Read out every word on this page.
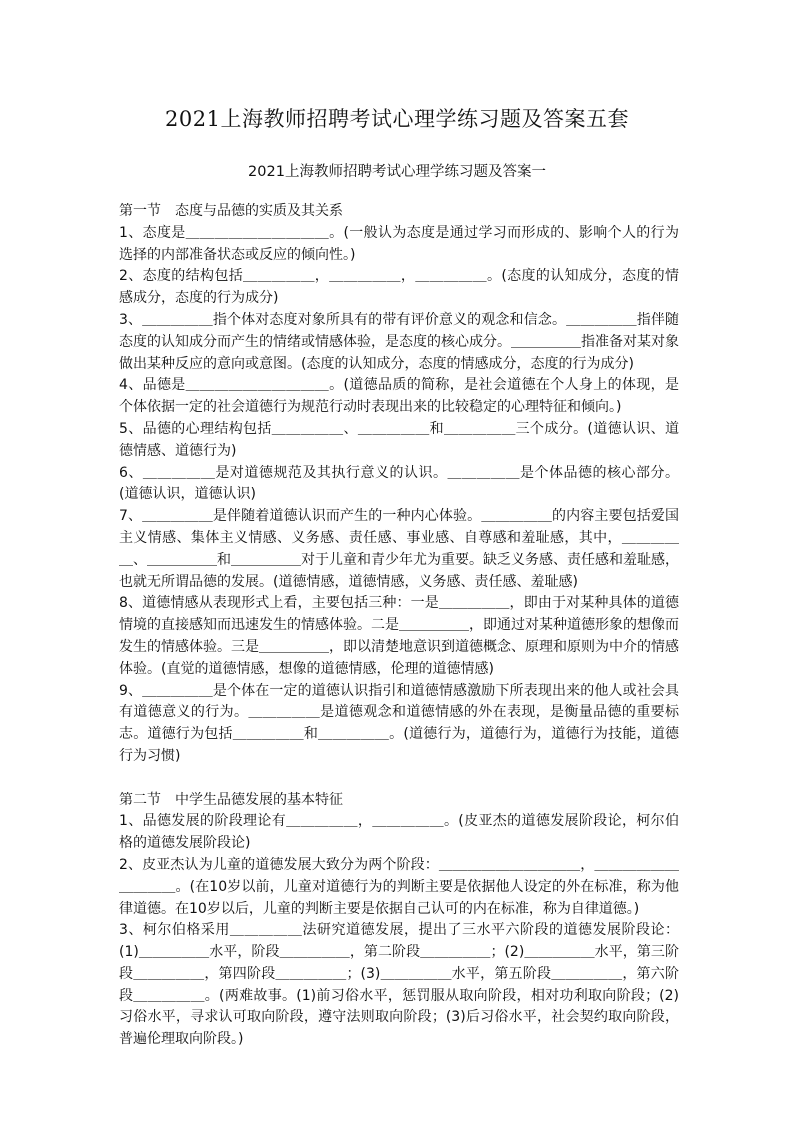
2021上海教师招聘考试心理学练习题及答案五套
2021上海教师招聘考试心理学练习题及答案一

第一节　态度与品德的实质及其关系

1、态度是＿＿＿＿＿＿＿＿＿＿。(一般认为态度是通过学习而形成的、影响个人的行为选择的内部准备状态或反应的倾向性。)

2、态度的结构包括＿＿＿＿＿，＿＿＿＿＿，＿＿＿＿＿。(态度的认知成分，态度的情感成分，态度的行为成分)

3、＿＿＿＿＿指个体对态度对象所具有的带有评价意义的观念和信念。＿＿＿＿＿指伴随态度的认知成分而产生的情绪或情感体验，是态度的核心成分。＿＿＿＿＿指准备对某对象做出某种反应的意向或意图。(态度的认知成分，态度的情感成分，态度的行为成分)

4、品德是＿＿＿＿＿＿＿＿＿＿。(道德品质的简称，是社会道德在个人身上的体现，是个体依据一定的社会道德行为规范行动时表现出来的比较稳定的心理特征和倾向。)

5、品德的心理结构包括＿＿＿＿＿、＿＿＿＿＿和＿＿＿＿＿三个成分。(道德认识、道德情感、道德行为)

6、＿＿＿＿＿是对道德规范及其执行意义的认识。＿＿＿＿＿是个体品德的核心部分。(道德认识，道德认识)

7、＿＿＿＿＿是伴随着道德认识而产生的一种内心体验。＿＿＿＿＿的内容主要包括爱国主义情感、集体主义情感、义务感、责任感、事业感、自尊感和羞耻感，其中，＿＿＿＿＿、＿＿＿＿＿和＿＿＿＿＿对于儿童和青少年尤为重要。缺乏义务感、责任感和羞耻感，也就无所谓品德的发展。(道德情感，道德情感，义务感、责任感、羞耻感)

8、道德情感从表现形式上看，主要包括三种：一是＿＿＿＿＿，即由于对某种具体的道德情境的直接感知而迅速发生的情感体验。二是＿＿＿＿＿，即通过对某种道德形象的想像而发生的情感体验。三是＿＿＿＿＿，即以清楚地意识到道德概念、原理和原则为中介的情感体验。(直觉的道德情感，想像的道德情感，伦理的道德情感)

9、＿＿＿＿＿是个体在一定的道德认识指引和道德情感激励下所表现出来的他人或社会具有道德意义的行为。＿＿＿＿＿是道德观念和道德情感的外在表现，是衡量品德的重要标志。道德行为包括＿＿＿＿＿和＿＿＿＿＿。(道德行为，道德行为，道德行为技能，道德行为习惯)

第二节　中学生品德发展的基本特征

1、品德发展的阶段理论有＿＿＿＿＿，＿＿＿＿＿。(皮亚杰的道德发展阶段论，柯尔伯格的道德发展阶段论)

2、皮亚杰认为儿童的道德发展大致分为两个阶段：＿＿＿＿＿＿＿＿＿＿，＿＿＿＿＿＿＿＿＿＿。(在10岁以前，儿童对道德行为的判断主要是依据他人设定的外在标准，称为他律道德。在10岁以后，儿童的判断主要是依据自己认可的内在标准，称为自律道德。)

3、柯尔伯格采用＿＿＿＿＿法研究道德发展，提出了三水平六阶段的道德发展阶段论：(1)＿＿＿＿＿水平，阶段＿＿＿＿＿，第二阶段＿＿＿＿＿；(2)＿＿＿＿＿水平，第三阶段＿＿＿＿＿，第四阶段＿＿＿＿＿；(3)＿＿＿＿＿水平，第五阶段＿＿＿＿＿，第六阶段＿＿＿＿＿。(两难故事。(1)前习俗水平，惩罚服从取向阶段，相对功利取向阶段；(2)习俗水平，寻求认可取向阶段，遵守法则取向阶段；(3)后习俗水平，社会契约取向阶段，普遍伦理取向阶段。)
